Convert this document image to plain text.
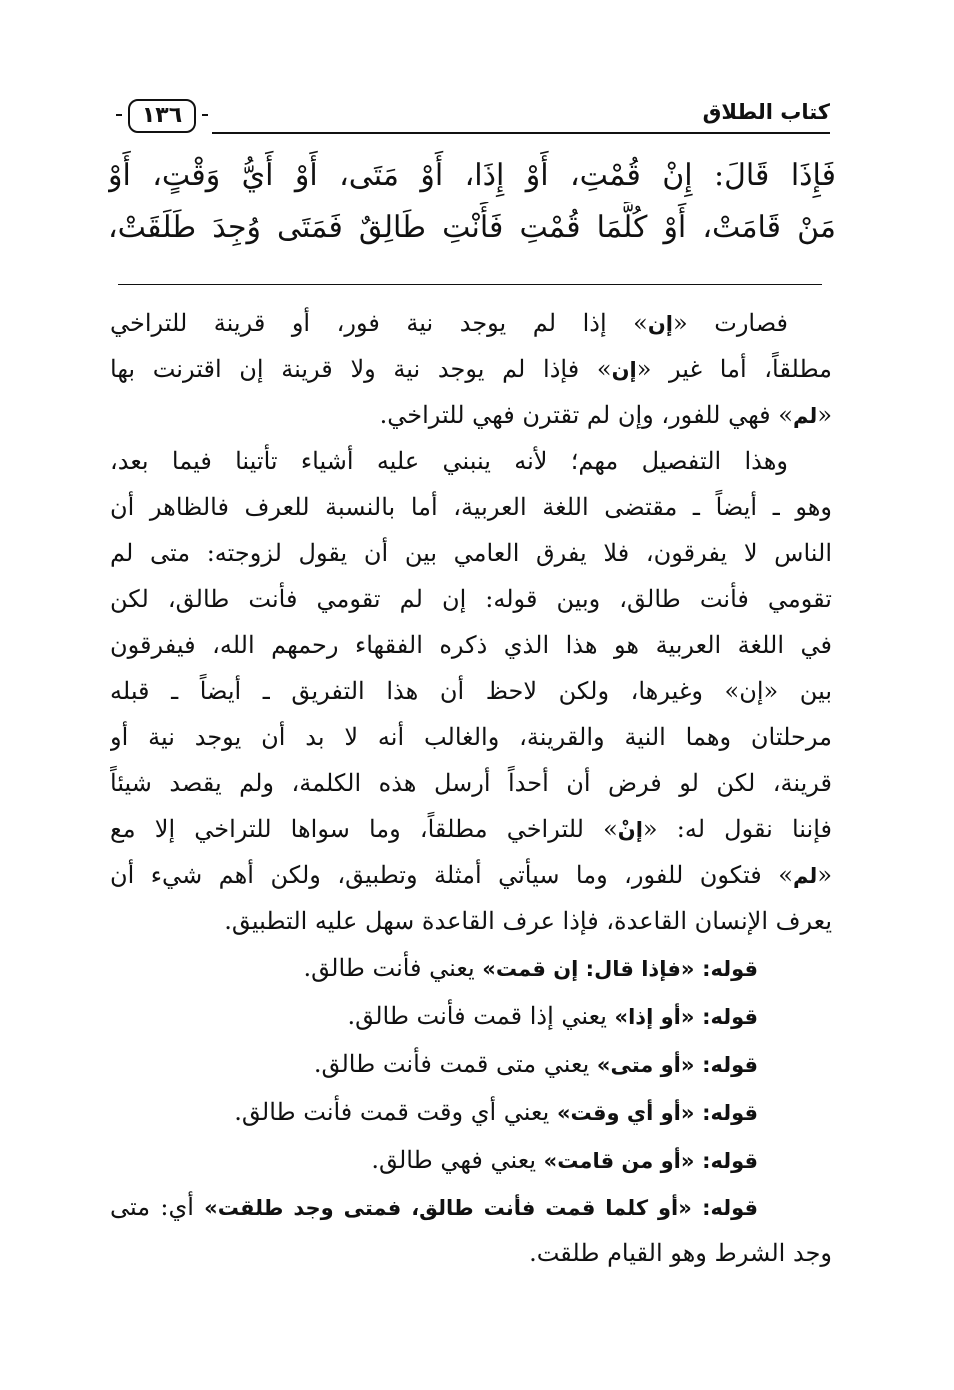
كتاب الطلاق
١٣٦
فَإِذَا قَالَ: إِنْ قُمْتِ، أَوْ إِذَا، أَوْ مَتَى، أَوْ أَيُّ وَقْتٍ، أَوْ
مَنْ قَامَتْ، أَوْ كُلَّمَا قُمْتِ فَأَنْتِ طَالِقٌ فَمَتَى وُجِدَ طَلَقَتْ،
فصارت «إن» إذا لم يوجد نية فور، أو قرينة للتراخي
مطلقاً، أما غير «إن» فإذا لم يوجد نية ولا قرينة إن اقترنت بها
«لم» فهي للفور، وإن لم تقترن فهي للتراخي.
وهذا التفصيل مهم؛ لأنه ينبني عليه أشياء تأتينا فيما بعد،
وهو ـ أيضاً ـ مقتضى اللغة العربية، أما بالنسبة للعرف فالظاهر أن
الناس لا يفرقون، فلا يفرق العامي بين أن يقول لزوجته: متى لم
تقومي فأنت طالق، وبين قوله: إن لم تقومي فأنت طالق، لكن
في اللغة العربية هو هذا الذي ذكره الفقهاء رحمهم الله، فيفرقون
بين «إن» وغيرها، ولكن لاحظ أن هذا التفريق ـ أيضاً ـ قبله
مرحلتان وهما النية والقرينة، والغالب أنه لا بد أن يوجد نية أو
قرينة، لكن لو فرض أن أحداً أرسل هذه الكلمة، ولم يقصد شيئاً
فإننا نقول له: «إنْ» للتراخي مطلقاً، وما سواها للتراخي إلا مع
«لم» فتكون للفور، وما سيأتي أمثلة وتطبيق، ولكن أهم شيء أن
يعرف الإنسان القاعدة، فإذا عرف القاعدة سهل عليه التطبيق.
قوله: «فإذا قال: إن قمت» يعني فأنت طالق.
قوله: «أو إذا» يعني إذا قمت فأنت طالق.
قوله: «أو متى» يعني متى قمت فأنت طالق.
قوله: «أو أي وقت» يعني أي وقت قمت فأنت طالق.
قوله: «أو من قامت» يعني فهي طالق.
قوله: «أو كلما قمت فأنت طالق، فمتى وجد طلقت» أي: متى
وجد الشرط وهو القيام طلقت.
